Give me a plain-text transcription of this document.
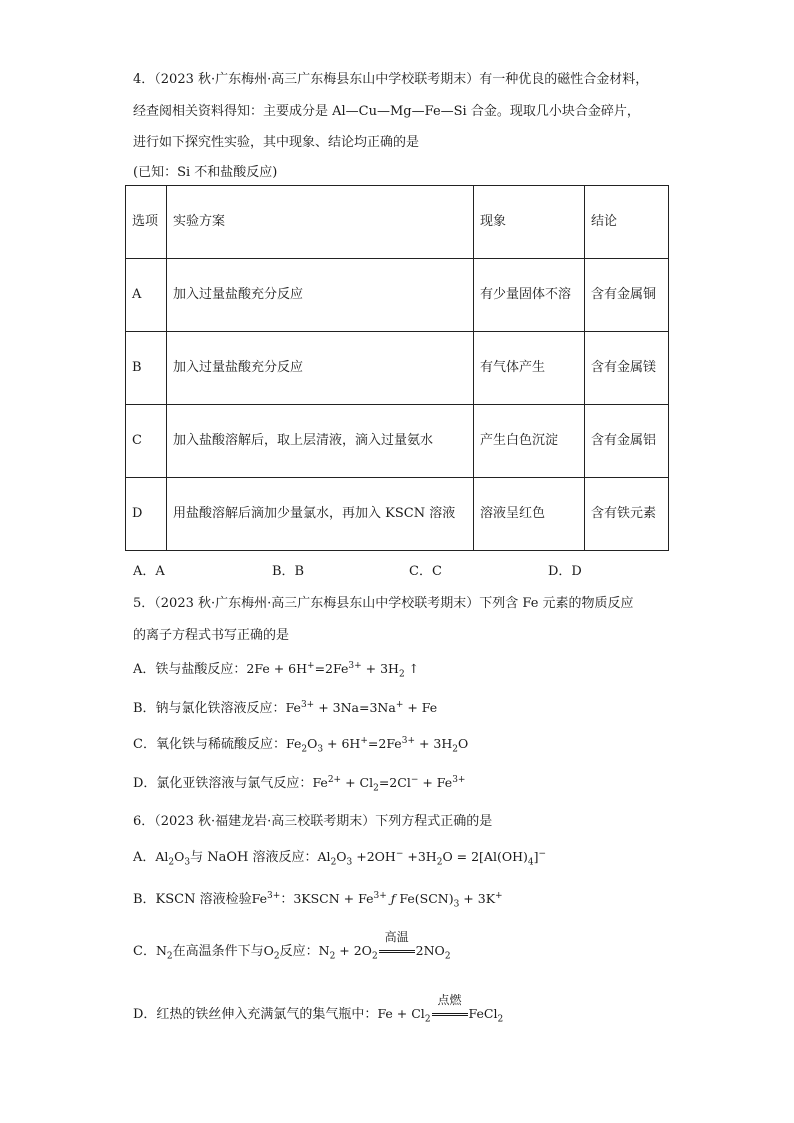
4．（2023 秋·广东梅州·高三广东梅县东山中学校联考期末）有一种优良的磁性合金材料，
经查阅相关资料得知：主要成分是 Al—Cu—Mg—Fe—Si 合金。现取几小块合金碎片，
进行如下探究性实验，其中现象、结论均正确的是
(已知：Si 不和盐酸反应)
选项	实验方案	现象	结论
A	加入过量盐酸充分反应	有少量固体不溶	含有金属铜
B	加入过量盐酸充分反应	有气体产生	含有金属镁
C	加入盐酸溶解后，取上层清液，滴入过量氨水	产生白色沉淀	含有金属铝
D	用盐酸溶解后滴加少量氯水，再加入 KSCN 溶液	溶液呈红色	含有铁元素
A．A	B．B	C．C	D．D
5．（2023 秋·广东梅州·高三广东梅县东山中学校联考期末）下列含 Fe 元素的物质反应
的离子方程式书写正确的是
A．铁与盐酸反应：$2Fe + 6H^+=2Fe^{3+} + 3H_2$ ↑
B．钠与氯化铁溶液反应：$Fe^{3+} + 3Na=3Na^+ + Fe$
C．氧化铁与稀硫酸反应：$Fe_2O_3 + 6H^+=2Fe^{3+} + 3H_2O$
D．氯化亚铁溶液与氯气反应：$Fe^{2+} + Cl_2=2Cl^- + Fe^{3+}$
6．（2023 秋·福建龙岩·高三校联考期末）下列方程式正确的是
A．$Al_2O_3$与 NaOH 溶液反应：$Al_2O_3 +2OH^- +3H_2O = 2[Al(OH)_4]^-$
B．KSCN 溶液检验$Fe^{3+}$：3KSCN + $Fe^{3+}$ ƒ $Fe(SCN)_3 + 3K^+$
C．$N_2$在高温条件下与$O_2$反应：$N_2 + 2O_2$
高温
$2NO_2$
D．红热的铁丝伸入充满氯气的集气瓶中：$Fe + Cl_2$
点燃
FeCl$_2$
